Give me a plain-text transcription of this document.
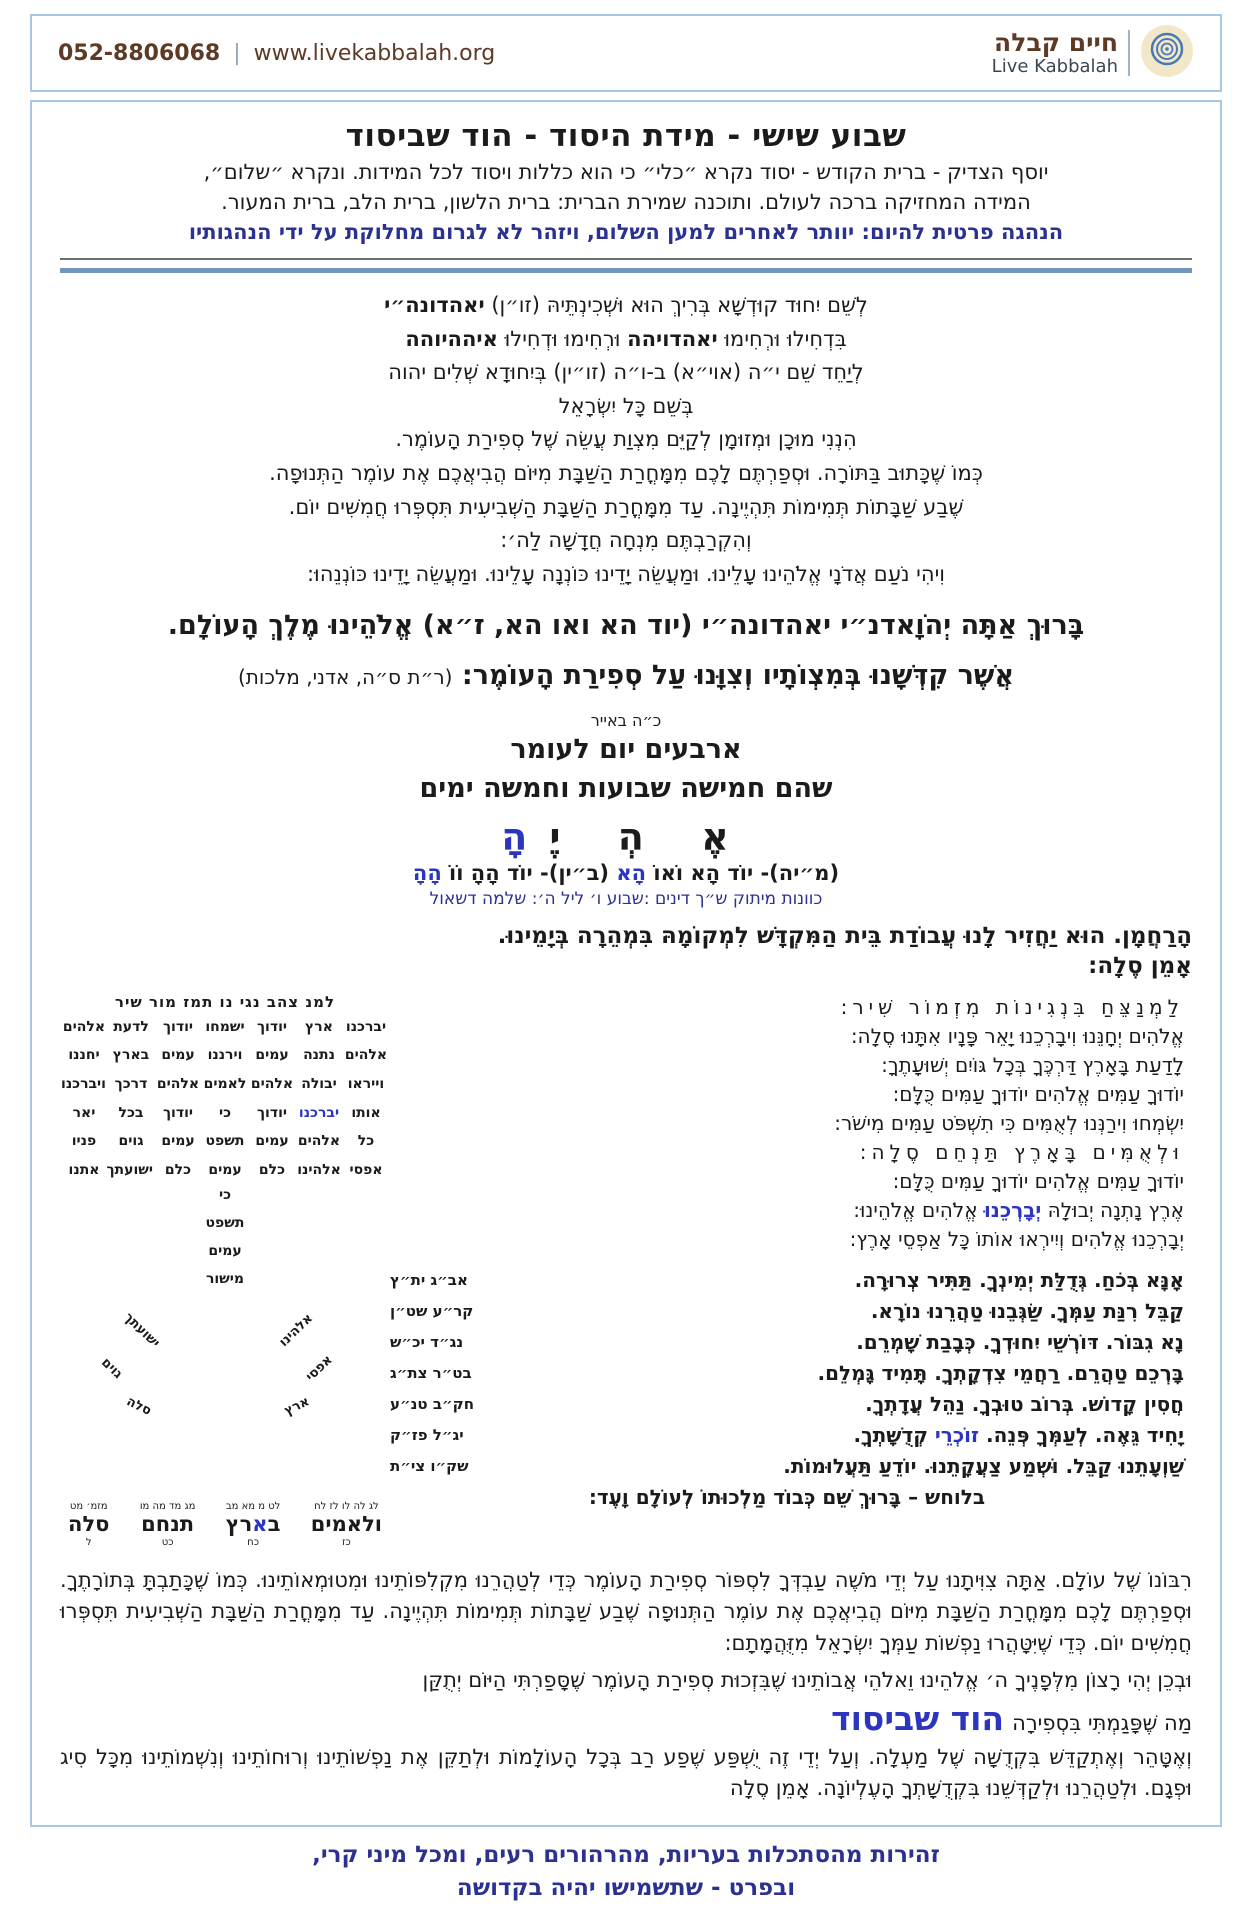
052-8806068 | www.livekabbalah.org	חיים קבלה
Live Kabbalah
שבוע שישי - מידת היסוד - הוד שביסוד
יוסף הצדיק - ברית הקודש - יסוד נקרא ״כלי״ כי הוא כללות ויסוד לכל המידות. ונקרא ״שלום״,
המידה המחזיקה ברכה לעולם. ותוכנה שמירת הברית: ברית הלשון, ברית הלב, ברית המעור.
הנהגה פרטית להיום: יוותר לאחרים למען השלום, ויזהר לא לגרום מחלוקת על ידי הנהגותיו
לְשֵׁם יִחוּד קוּדְשָׁא בְּרִיךְ הוּא וּשְׁכִינְתֵּיהּ (זו״ן) יאהדונה״י
בִּדְחִילוּ וּרְחִימוּ יאהדויהה וּרְחִימוּ וּדְחִילוּ איההיוהה
לְיַחֵד שֵׁם י״ה (אוי״א) ב-ו״ה (זו״ין) בְּיִחוּדָא שְׁלִים יהוה
בְּשֵׁם כָּל יִשְׂרָאֵל
הִנְנִי מוּכָן וּמְזוּמָן לְקַיֵּם מִצְוַת עֲשֵׂה שֶׁל סְפִירַת הָעוֹמֶר.
כְּמוֹ שֶׁכָּתוּב בַּתּוֹרָה. וּסְפַרְתֶּם לָכֶם מִמָּחֳרַת הַשַּׁבָּת מִיּוֹם הֲבִיאֲכֶם אֶת עוֹמֶר הַתְּנוּפָה.
שֶׁבַע שַׁבָּתוֹת תְּמִימוֹת תִּהְיֶינָה. עַד מִמָּחֳרַת הַשַּׁבָּת הַשְּׁבִיעִית תִּסְפְּרוּ חֲמִשִּׁים יוֹם.
וְהִקְרַבְתֶּם מִנְחָה חֲדָשָׁה לַה׳:
וִיהִי נֹעַם אֲדֹנָי אֱלֹהֵינוּ עָלֵינוּ. וּמַעֲשֵׂה יָדֵינוּ כּוֹנְנָה עָלֵינוּ. וּמַעֲשֵׂה יָדֵינוּ כּוֹנְנֵהוּ:
בָּרוּךְ אַתָּה יְהֹוָאדנ״י יאהדונה״י (יוד הא ואו הא, ז״א) אֱלֹהֵינוּ מֶלֶךְ הָעוֹלָם.
אֲשֶׁר קִדְּשָׁנוּ בְּמִצְוֹתָיו וְצִוָּנוּ עַל סְפִירַת הָעוֹמֶר: (ר״ת ס״ה, אדני, מלכות)
כ״ה באייר
ארבעים יום לעומר
שהם חמישה שבועות וחמשה ימים
אֶ הְ יֶהָ
(מ״יה)- יוֹד הָא וֹאוֹ הָא (ב״ין)- יוֹד הָהָ וֹוֹ הָהָ
כוונות מיתוק ש״ך דינים :שבוע ו׳ ליל ה׳: שלמה דשאול
הָרַחֲמָן. הוּא יַחֲזִיר לָנוּ עֲבוֹדַת בֵּית הַמִּקְדָּשׁ לִמְקוֹמָהּ בִּמְהֵרָה בְּיָמֵינוּ.
אָמֵן סֶלָה:
לַמְנַצֵּחַ בִּנְגִינוֹת מִזְמוֹר שִׁיר:
אֱלֹהִים יְחָנֵּנוּ וִיבָרְכֵנוּ יָאֵר פָּנָיו אִתָּנוּ סֶלָה:
לָדַעַת בָּאָרֶץ דַּרְכֶּךָ בְּכָל גּוֹיִם יְשׁוּעָתֶךָ:
יוֹדוּךָ עַמִּים אֱלֹהִים יוֹדוּךָ עַמִּים כֻּלָּם:
יִשְׂמְחוּ וִירַנְּנוּ לְאֻמִּים כִּי תִשְׁפֹּט עַמִּים מִישֹׁר:
וּלְאֻמִּים בָּאָרֶץ תַּנְחֵם סֶלָה:
יוֹדוּךָ עַמִּים אֱלֹהִים יוֹדוּךָ עַמִּים כֻּלָּם:
אֶרֶץ נָתְנָה יְבוּלָהּ יְבָרְכֵנוּ אֱלֹהִים אֱלֹהֵינוּ:
יְבָרְכֵנוּ אֱלֹהִים וְיִירְאוּ אוֹתוֹ כָּל אַפְסֵי אָרֶץ:
אָנָּא בְּכֹחַ. גְּדֻלַּת יְמִינְךָ. תַּתִּיר צְרוּרָה.
אב״ג ית״ץ
קַבֵּל רִנַּת עַמְּךָ. שַׂגְּבֵנוּ טַהֲרֵנוּ נוֹרָא.
קר״ע שט״ן
נָא גִבּוֹר. דּוֹרְשֵׁי יִחוּדְךָ. כְּבָבַת שָׁמְרֵם.
נג״ד יכ״ש
בָּרְכֵם טַהֲרֵם. רַחֲמֵי צִדְקָתְךָ. תָּמִיד גָּמְלֵם.
בט״ר צת״ג
חֲסִין קָדוֹשׁ. בְּרוֹב טוּבְךָ. נַהֵל עֲדָתְךָ.
חק״ב טנ״ע
יָחִיד גֵּאֶה. לְעַמְּךָ פְּנֵה. זוֹכְרֵי קְדֻשָּׁתְךָ.
יג״ל פז״ק
שַׁוְעָתֵנוּ קַבֵּל. וּשְׁמַע צַעֲקָתֵנוּ. יוֹדֵעַ תַּעֲלוּמוֹת.
שק״ו צי״ת
בלוחש – בָּרוּךְ שֵׁם כְּבוֹד מַלְכוּתוֹ לְעוֹלָם וָעֶד:
למנ צהב נגי נו תמז מור שיר
יברכנו אלהים וייראו אותו כל אפסי
ארץ נתנה יבולה יברכנו אלהים אלהינו
יודוך עמים אלהים יודוך עמים כלם
ישמחו וירננו לאמים כי תשפט עמים
יודוך עמים אלהים יודוך עמים כלם
לדעת בארץ דרכך בכל גוים ישועתך
אלהים יחננו ויברכנו יאר פניו אתנו
כי תשפט עמים מישור
אלהינו
אפסי
ארץ
ישועתך
גוים
סלה
לג לה לו לז לח
ולאמים
כז
לט מ מא מב
בארץ
כח
מג מד מה מו
תנחם
כט
מזמ׳ מט
סלה
ל
רִבּוֹנוֹ שֶׁל עוֹלָם. אַתָּה צִוִּיתָנוּ עַל יְדֵי מֹשֶׁה עַבְדְּךָ לִסְפּוֹר סְפִירַת הָעוֹמֶר כְּדֵי לְטַהֲרֵנוּ מִקְלִפּוֹתֵינוּ וּמִטוּמְאוֹתֵינוּ. כְּמוֹ שֶׁכָּתַבְתָּ בְּתוֹרָתֶךָ. וּסְפַרְתֶּם לָכֶם מִמָּחֳרַת הַשַּׁבָּת מִיּוֹם הֲבִיאֲכֶם אֶת עוֹמֶר הַתְּנוּפָה שֶׁבַע שַׁבָּתוֹת תְּמִימוֹת תִּהְיֶינָה. עַד מִמָּחֳרַת הַשַּׁבָּת הַשְּׁבִיעִית תִּסְפְּרוּ חֲמִשִּׁים יוֹם. כְּדֵי שֶׁיִּטָּהֲרוּ נַפְשׁוֹת עַמְּךָ יִשְׂרָאֵל מִזֻּהֲמָתָם:
וּבְכֵן יְהִי רָצוֹן מִלְּפָנֶיךָ ה׳ אֱלֹהֵינוּ וֵאלֹהֵי אֲבוֹתֵינוּ שֶׁבִּזְכוּת סְפִירַת הָעוֹמֶר שֶׁסָּפַרְתִּי הַיּוֹם יְתֻקַּן
מַה שֶּׁפָּגַמְתִּי בִּסְפִירָההוד שביסוד
וְאֶטָּהֵר וְאֶתְקַדֵּשׁ בִּקְדֻשָּׁה שֶׁל מַעְלָה. וְעַל יְדֵי זֶה יֻשְׁפַּע שֶׁפַע רַב בְּכָל הָעוֹלָמוֹת וּלְתַקֵּן אֶת נַפְשׁוֹתֵינוּ וְרוּחוֹתֵינוּ וְנִשְׁמוֹתֵינוּ מִכָּל סִיג וּפְגָם. וּלְטַהֲרֵנוּ וּלְקַדְּשֵׁנוּ בִּקְדֻשָּׁתְךָ הָעֶלְיוֹנָה. אָמֵן סֶלָה
זהירות מהסתכלות בעריות, מהרהורים רעים, ומכל מיני קרי,
ובפרט - שתשמישו יהיה בקדושה
